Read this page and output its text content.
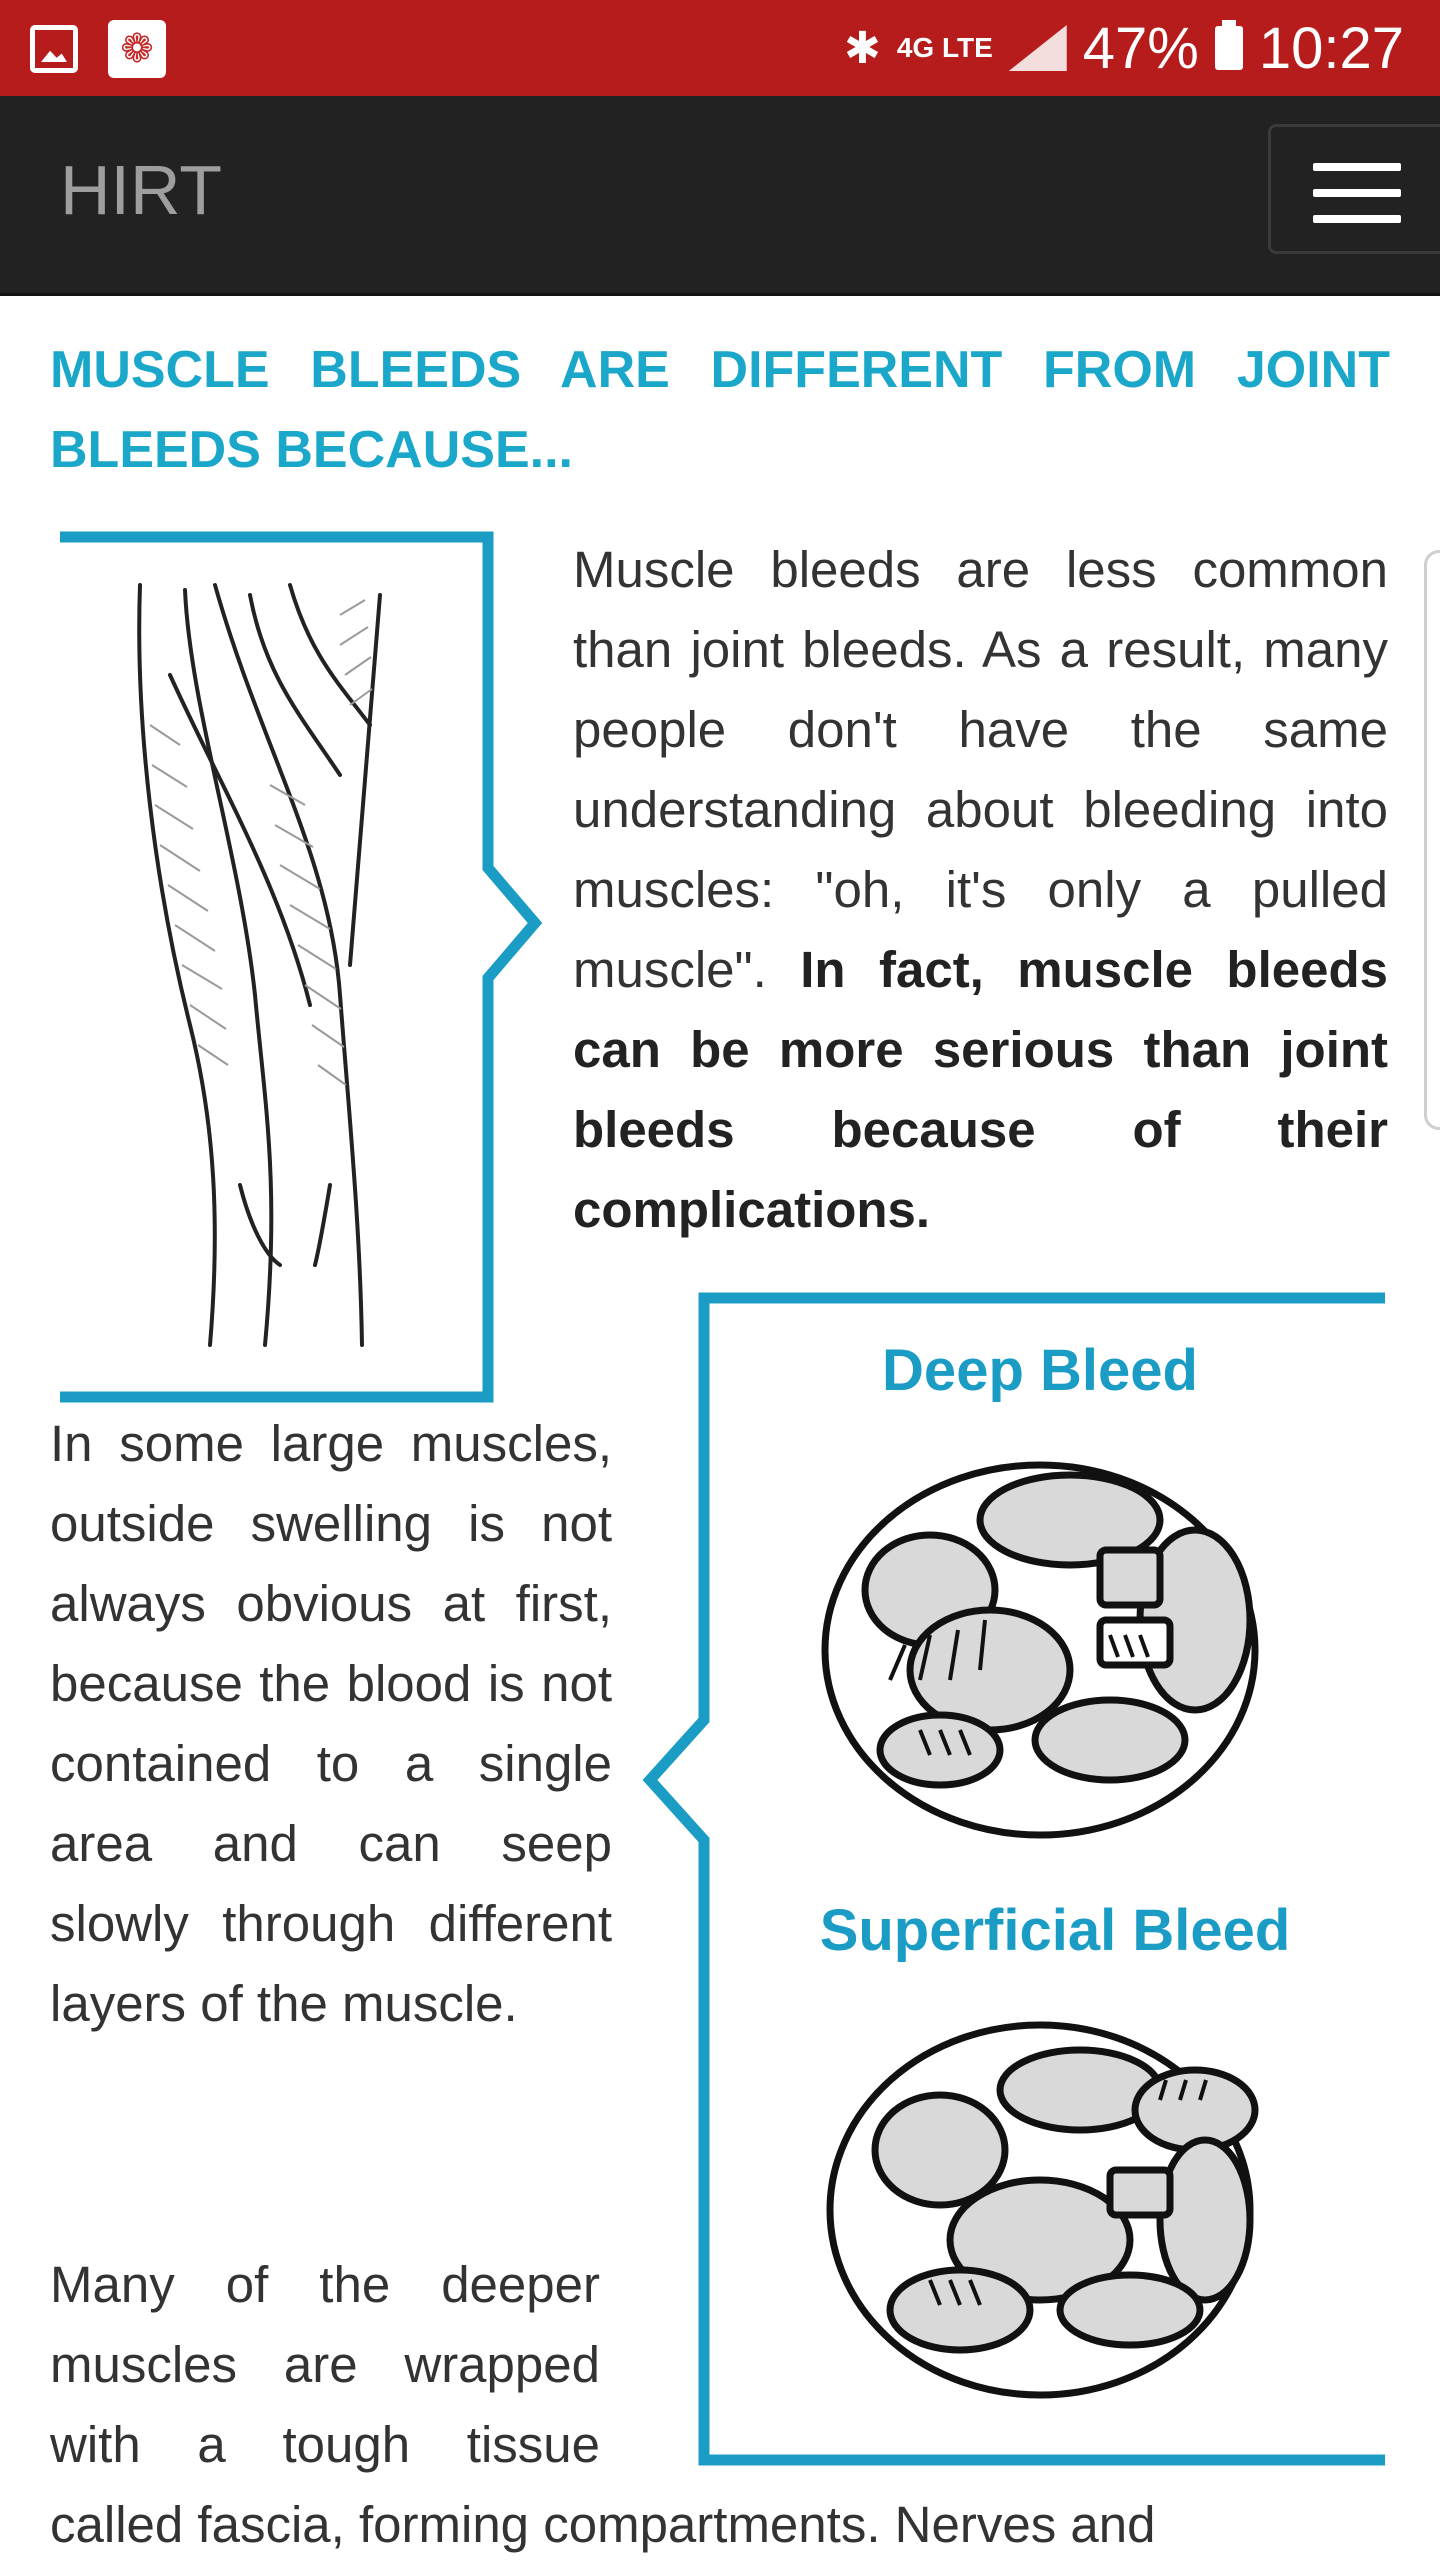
❁
✱ 4G LTE 47% 10:27
HIRT
MUSCLE BLEEDS ARE DIFFERENT FROM JOINT BLEEDS BECAUSE...
Muscle bleeds are less common than joint bleeds. As a result, many people don't have the same understanding about bleeding into muscles: "oh, it's only a pulled muscle". In fact, muscle bleeds can be more serious than joint bleeds because of their complications.
Deep Bleed
Superficial Bleed
In some large muscles, outside swelling is not always obvious at first, because the blood is not contained to a single area and can seep slowly through different layers of the muscle.
Many of the deeper muscles are wrapped with a tough tissue called fascia, forming compartments. Nerves and
